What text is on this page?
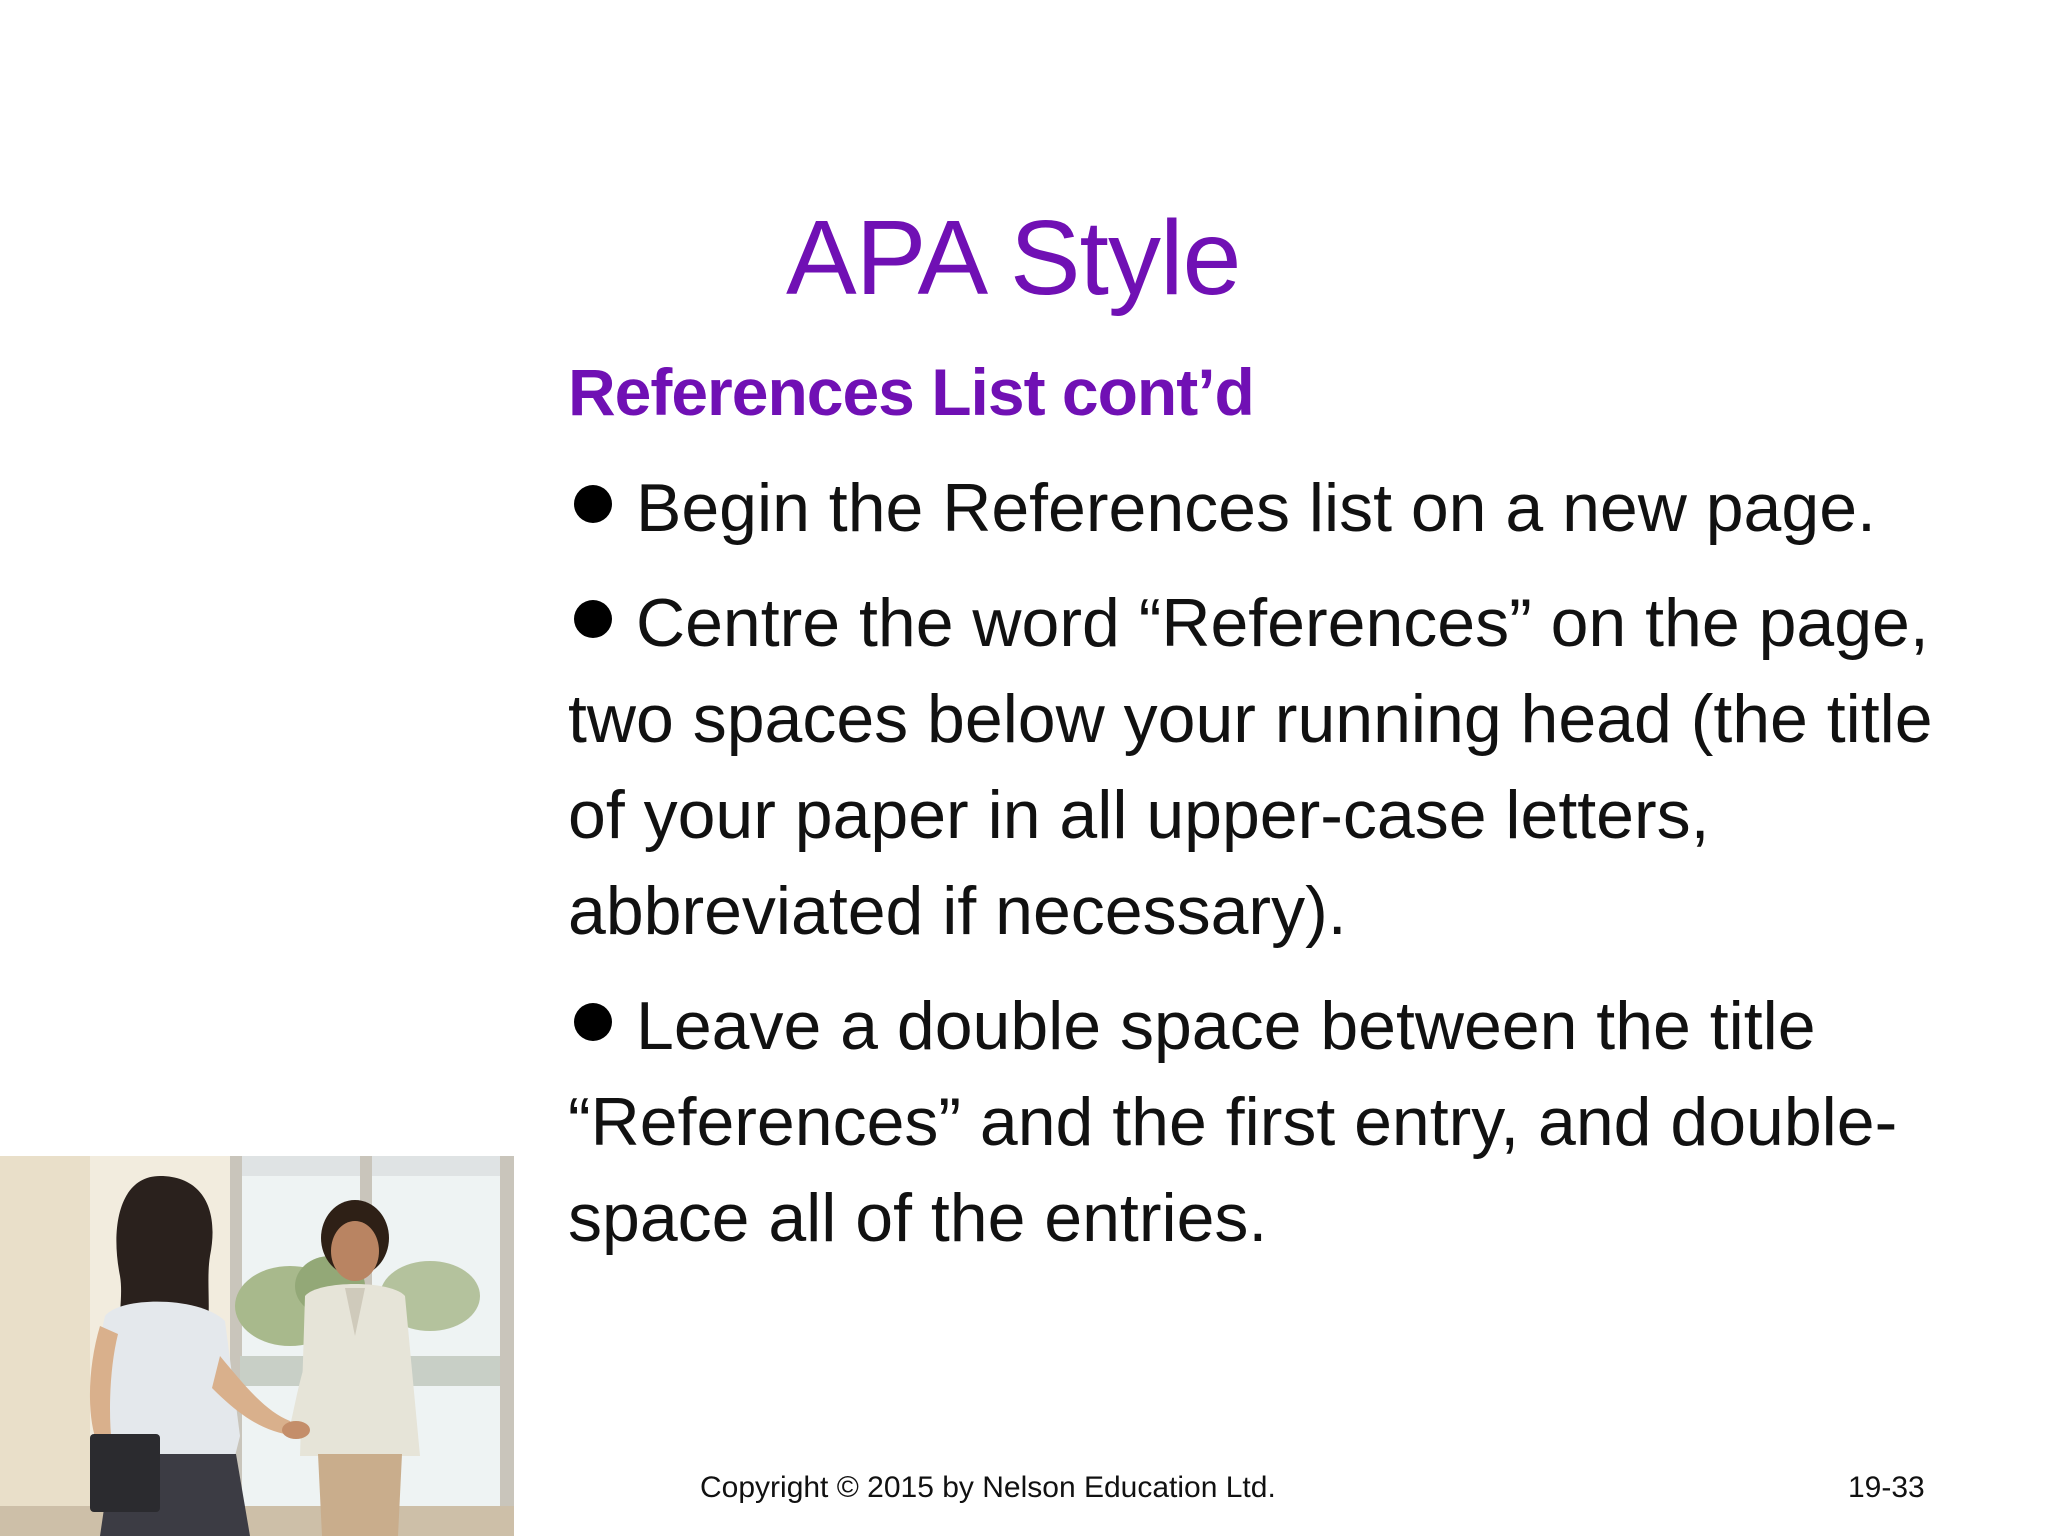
APA Style
References List cont’d
Begin the References list on a new page.
Centre the word “References” on the page, two spaces below your running head (the title of your paper in all upper-case letters, abbreviated if necessary).
Leave a double space between the title “References” and the first entry, and double-space all of the entries.
Copyright © 2015 by Nelson Education Ltd.	19-33
